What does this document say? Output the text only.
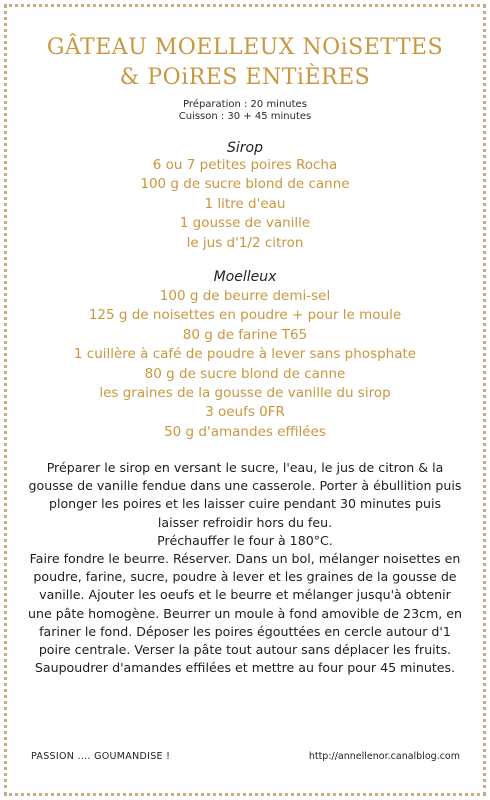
GÂTEAU MOELLEUX NOiSETTES
& POiRES ENTiÈRES
Préparation : 20 minutes
Cuisson : 30 + 45 minutes
Sirop
6 ou 7 petites poires Rocha
100 g de sucre blond de canne
1 litre d'eau
1 gousse de vanille
le jus d'1/2 citron
Moelleux
100 g de beurre demi-sel
125 g de noisettes en poudre + pour le moule
80 g de farine T65
1 cuillère à café de poudre à lever sans phosphate
80 g de sucre blond de canne
les graines de la gousse de vanille du sirop
3 oeufs 0FR
50 g d'amandes effilées

Préparer le sirop en versant le sucre, l'eau, le jus de citron & la gousse de vanille fendue dans une casserole. Porter à ébullition puis plonger les poires et les laisser cuire pendant 30 minutes puis laisser refroidir hors du feu.

Préchauffer le four à 180°C.

Faire fondre le beurre. Réserver. Dans un bol, mélanger noisettes en poudre, farine, sucre, poudre à lever et les graines de la gousse de vanille. Ajouter les oeufs et le beurre et mélanger jusqu'à obtenir une pâte homogène. Beurrer un moule à fond amovible de 23cm, en fariner le fond. Déposer les poires égouttées en cercle autour d'1 poire centrale. Verser la pâte tout autour sans déplacer les fruits. Saupoudrer d'amandes effilées et mettre au four pour 45 minutes.

PASSION .... GOUMANDISE !	http://annellenor.canalblog.com
